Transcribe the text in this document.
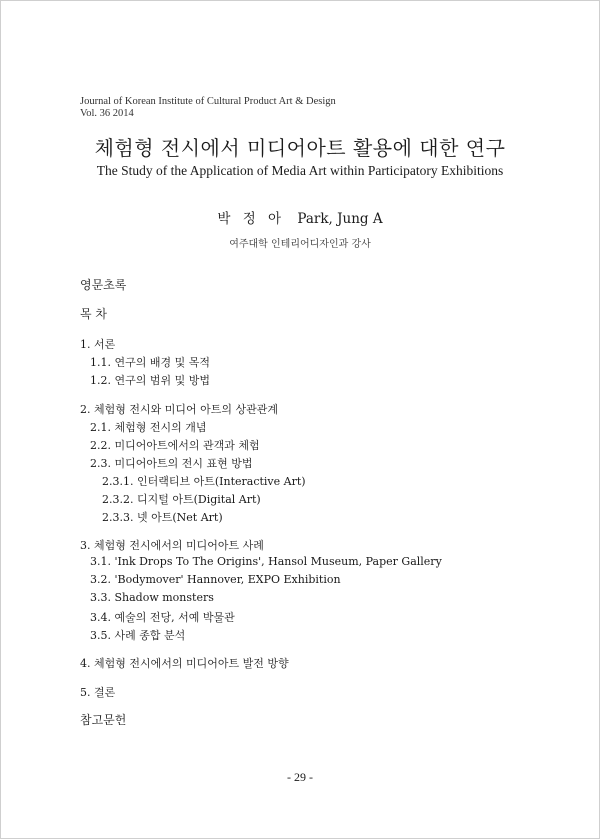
Journal of Korean Institute of Cultural Product Art & Design
Vol. 36 2014
체험형 전시에서 미디어아트 활용에 대한 연구
The Study of the Application of Media Art within Participatory Exhibitions
박 정 아 Park, Jung A
여주대학 인테리어디자인과 강사
영문초록
목 차
1. 서론
1.1. 연구의 배경 및 목적
1.2. 연구의 범위 및 방법
2. 체험형 전시와 미디어 아트의 상관관계
2.1. 체험형 전시의 개념
2.2. 미디어아트에서의 관객과 체험
2.3. 미디어아트의 전시 표현 방법
2.3.1. 인터랙티브 아트(Interactive Art)
2.3.2. 디지털 아트(Digital Art)
2.3.3. 넷 아트(Net Art)
3. 체험형 전시에서의 미디어아트 사례
3.1. 'Ink Drops To The Origins', Hansol Museum, Paper Gallery
3.2. 'Bodymover' Hannover, EXPO Exhibition
3.3. Shadow monsters
3.4. 예술의 전당, 서예 박물관
3.5. 사례 종합 분석
4. 체험형 전시에서의 미디어아트 발전 방향
5. 결론
참고문헌
- 29 -
